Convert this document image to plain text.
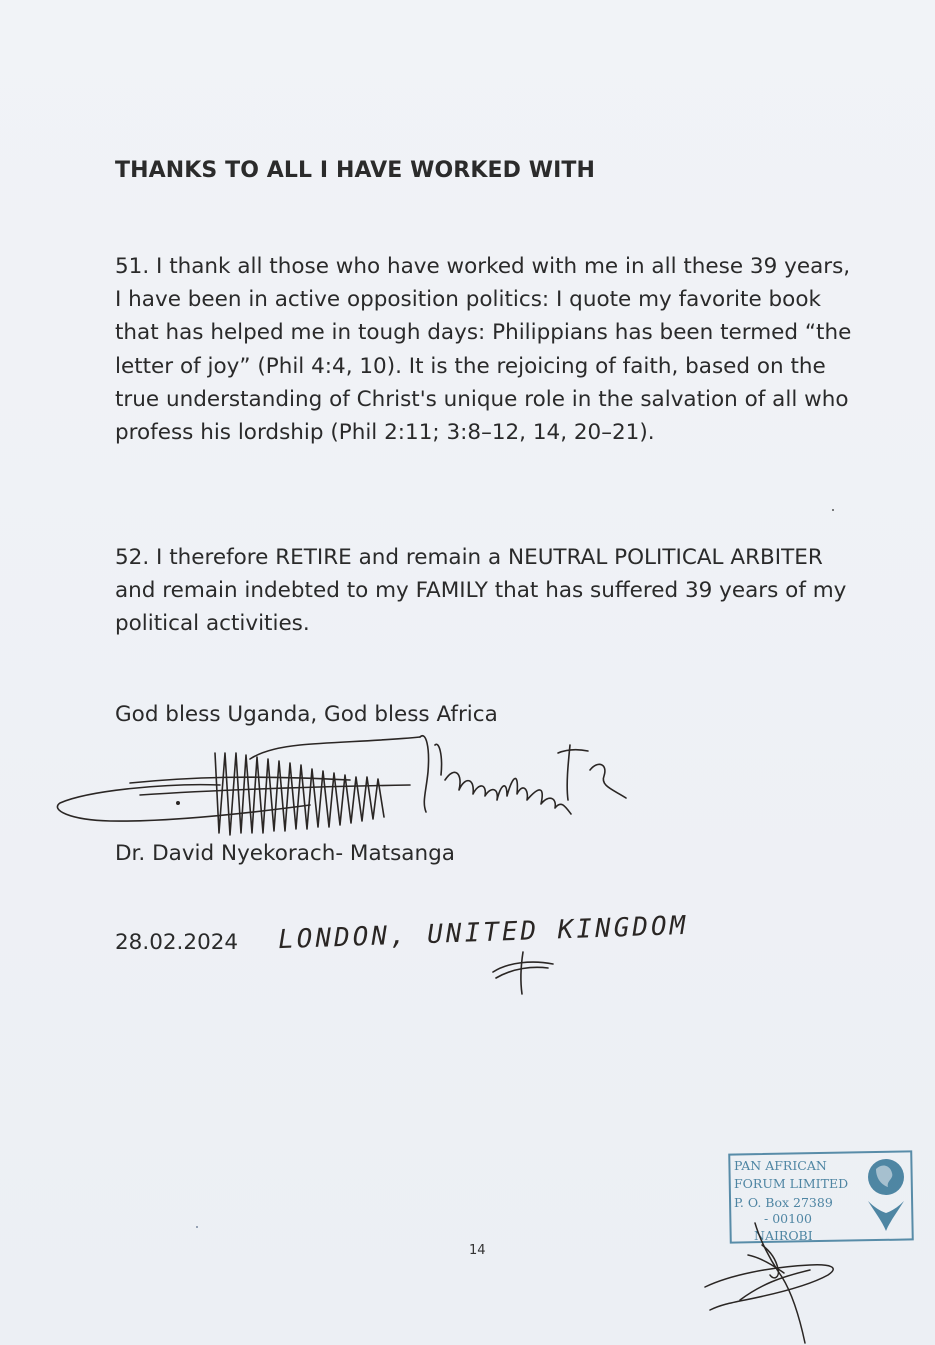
THANKS TO ALL I HAVE WORKED WITH
51. I thank all those who have worked with me in all these 39 years, I have been in active opposition politics: I quote my favorite book that has helped me in tough days: Philippians has been termed “the letter of joy” (Phil 4:4, 10). It is the rejoicing of faith, based on the true understanding of Christ's unique role in the salvation of all who profess his lordship (Phil 2:11; 3:8–12, 14, 20–21).
52. I therefore RETIRE and remain a NEUTRAL POLITICAL ARBITER and remain indebted to my FAMILY that has suffered 39 years of my political activities.
God bless Uganda, God bless Africa
Dr. David Nyekorach- Matsanga
28.02.2024 LONDON, UNITED KINGDOM
PAN AFRICAN
FORUM LIMITED
P. O. Box 27389
- 00100
NAIROBI
14
